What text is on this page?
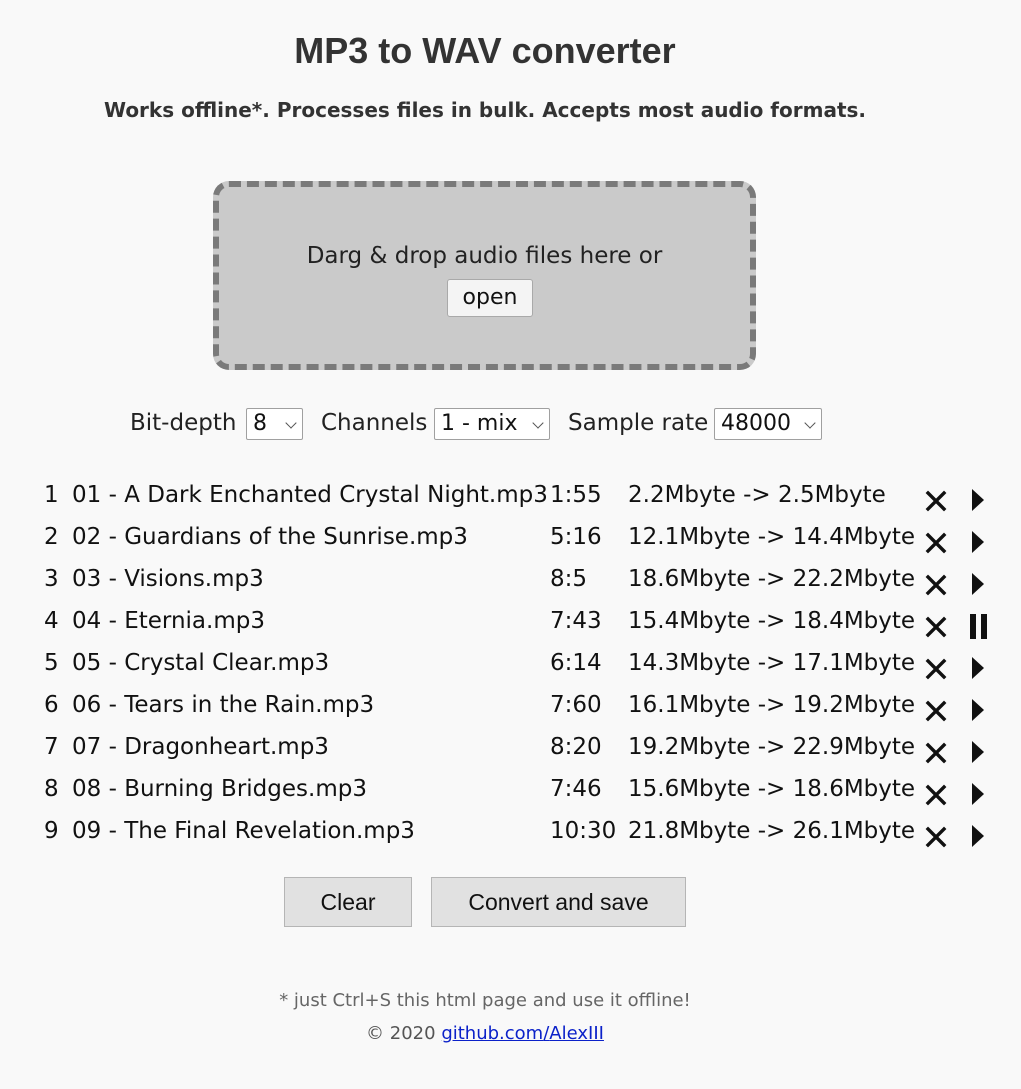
MP3 to WAV converter
Works offline*. Processes files in bulk. Accepts most audio formats.
Darg & drop audio files here or
open
Bit-depth 8	Channels 1 - mix	Sample rate 48000
1 01 - A Dark Enchanted Crystal Night.mp3 1:55 2.2Mbyte -> 2.5Mbyte
2 02 - Guardians of the Sunrise.mp3	5:16 12.1Mbyte -> 14.4Mbyte
3 03 - Visions.mp3	8:5 18.6Mbyte -> 22.2Mbyte
4 04 - Eternia.mp3	7:43 15.4Mbyte -> 18.4Mbyte
5 05 - Crystal Clear.mp3	6:14 14.3Mbyte -> 17.1Mbyte
6 06 - Tears in the Rain.mp3	7:60 16.1Mbyte -> 19.2Mbyte
7 07 - Dragonheart.mp3	8:20 19.2Mbyte -> 22.9Mbyte
8 08 - Burning Bridges.mp3	7:46 15.6Mbyte -> 18.6Mbyte
9 09 - The Final Revelation.mp3	10:30 21.8Mbyte -> 26.1Mbyte
Clear	Convert and save
* just Ctrl+S this html page and use it offline!
© 2020 github.com/AlexIII
